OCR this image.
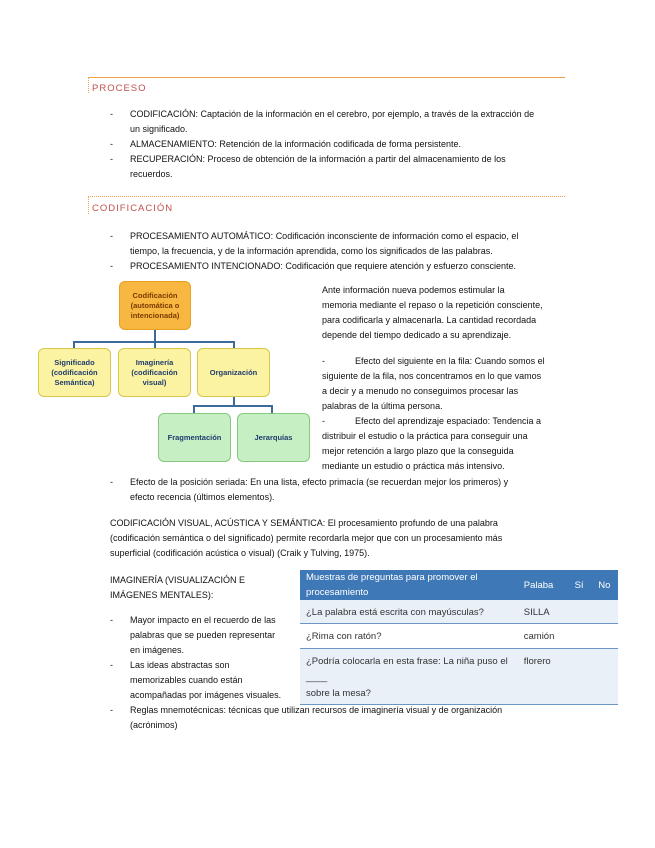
PROCESO
- CODIFICACIÓN: Captación de la información en el cerebro, por ejemplo, a través de la extracción de
un significado.
- ALMACENAMIENTO: Retención de la información codificada de forma persistente.
- RECUPERACIÓN: Proceso de obtención de la información a partir del almacenamiento de los
recuerdos.
CODIFICACIÓN
- PROCESAMIENTO AUTOMÁTICO: Codificación inconsciente de información como el espacio, el
tiempo, la frecuencia, y de la información aprendida, como los significados de las palabras.
- PROCESAMIENTO INTENCIONADO: Codificación que requiere atención y esfuerzo consciente.
Codificación (automática o intencionada)
Significado (codificación Semántica)
Imaginería (codificación visual)
Organización
Fragmentación	Jerarquías
Ante información nueva podemos estimular la
memoria mediante el repaso o la repetición consciente,
para codificarla y almacenarla. La cantidad recordada
depende del tiempo dedicado a su aprendizaje.
-	Efecto del siguiente en la fila: Cuando somos el
siguiente de la fila, nos concentramos en lo que vamos
a decir y a menudo no conseguimos procesar las
palabras de la última persona.
-	Efecto del aprendizaje espaciado: Tendencia a
distribuir el estudio o la práctica para conseguir una
mejor retención a largo plazo que la conseguida
mediante un estudio o práctica más intensivo.
- Efecto de la posición seriada: En una lista, efecto primacía (se recuerdan mejor los primeros) y
efecto recencia (últimos elementos).
CODIFICACIÓN VISUAL, ACÚSTICA Y SEMÁNTICA: El procesamiento profundo de una palabra
(codificación semántica o del significado) permite recordarla mejor que con un procesamiento más
superficial (codificación acústica o visual) (Craik y Tulving, 1975).
IMAGINERÍA (VISUALIZACIÓN E
IMÁGENES MENTALES):
- Mayor impacto en el recuerdo de las
palabras que se pueden representar
en imágenes.
- Las ideas abstractas son
memorizables cuando están
acompañadas por imágenes visuales.
- Reglas mnemotécnicas: técnicas que utilizan recursos de imaginería visual y de organización
(acrónimos)
Muestras de preguntas para promover el procesamiento	Palaba	Sí	No
¿La palabra está escrita con mayúsculas?	SILLA		
¿Rima con ratón?	camión		
¿Podría colocarla en esta frase: La niña puso el ____
sobre la mesa?	florero		
